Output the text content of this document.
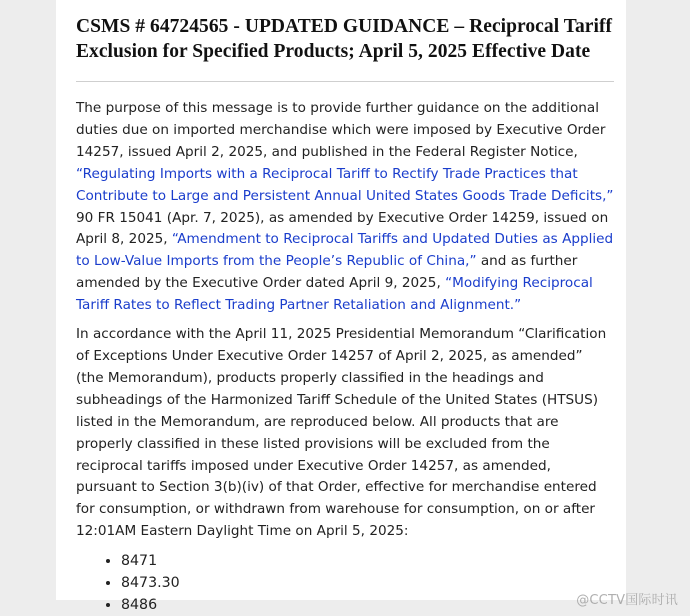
CSMS # 64724565 - UPDATED GUIDANCE – Reciprocal Tariff Exclusion for Specified Products; April 5, 2025 Effective Date

The purpose of this message is to provide further guidance on the additional duties due on imported merchandise which were imposed by Executive Order 14257, issued April 2, 2025, and published in the Federal Register Notice, “Regulating Imports with a Reciprocal Tariff to Rectify Trade Practices that Contribute to Large and Persistent Annual United States Goods Trade Deficits,” 90 FR 15041 (Apr. 7, 2025), as amended by Executive Order 14259, issued on April 8, 2025, “Amendment to Reciprocal Tariffs and Updated Duties as Applied to Low-Value Imports from the People’s Republic of China,” and as further amended by the Executive Order dated April 9, 2025, “Modifying Reciprocal Tariff Rates to Reflect Trading Partner Retaliation and Alignment.”

In accordance with the April 11, 2025 Presidential Memorandum “Clarification of Exceptions Under Executive Order 14257 of April 2, 2025, as amended” (the Memorandum), products properly classified in the headings and subheadings of the Harmonized Tariff Schedule of the United States (HTSUS) listed in the Memorandum, are reproduced below. All products that are properly classified in these listed provisions will be excluded from the reciprocal tariffs imposed under Executive Order 14257, as amended, pursuant to Section 3(b)(iv) of that Order, effective for merchandise entered for consumption, or withdrawn from warehouse for consumption, on or after 12:01AM Eastern Daylight Time on April 5, 2025:

• 8471
• 8473.30
• 8486	@CCTV国际时讯
